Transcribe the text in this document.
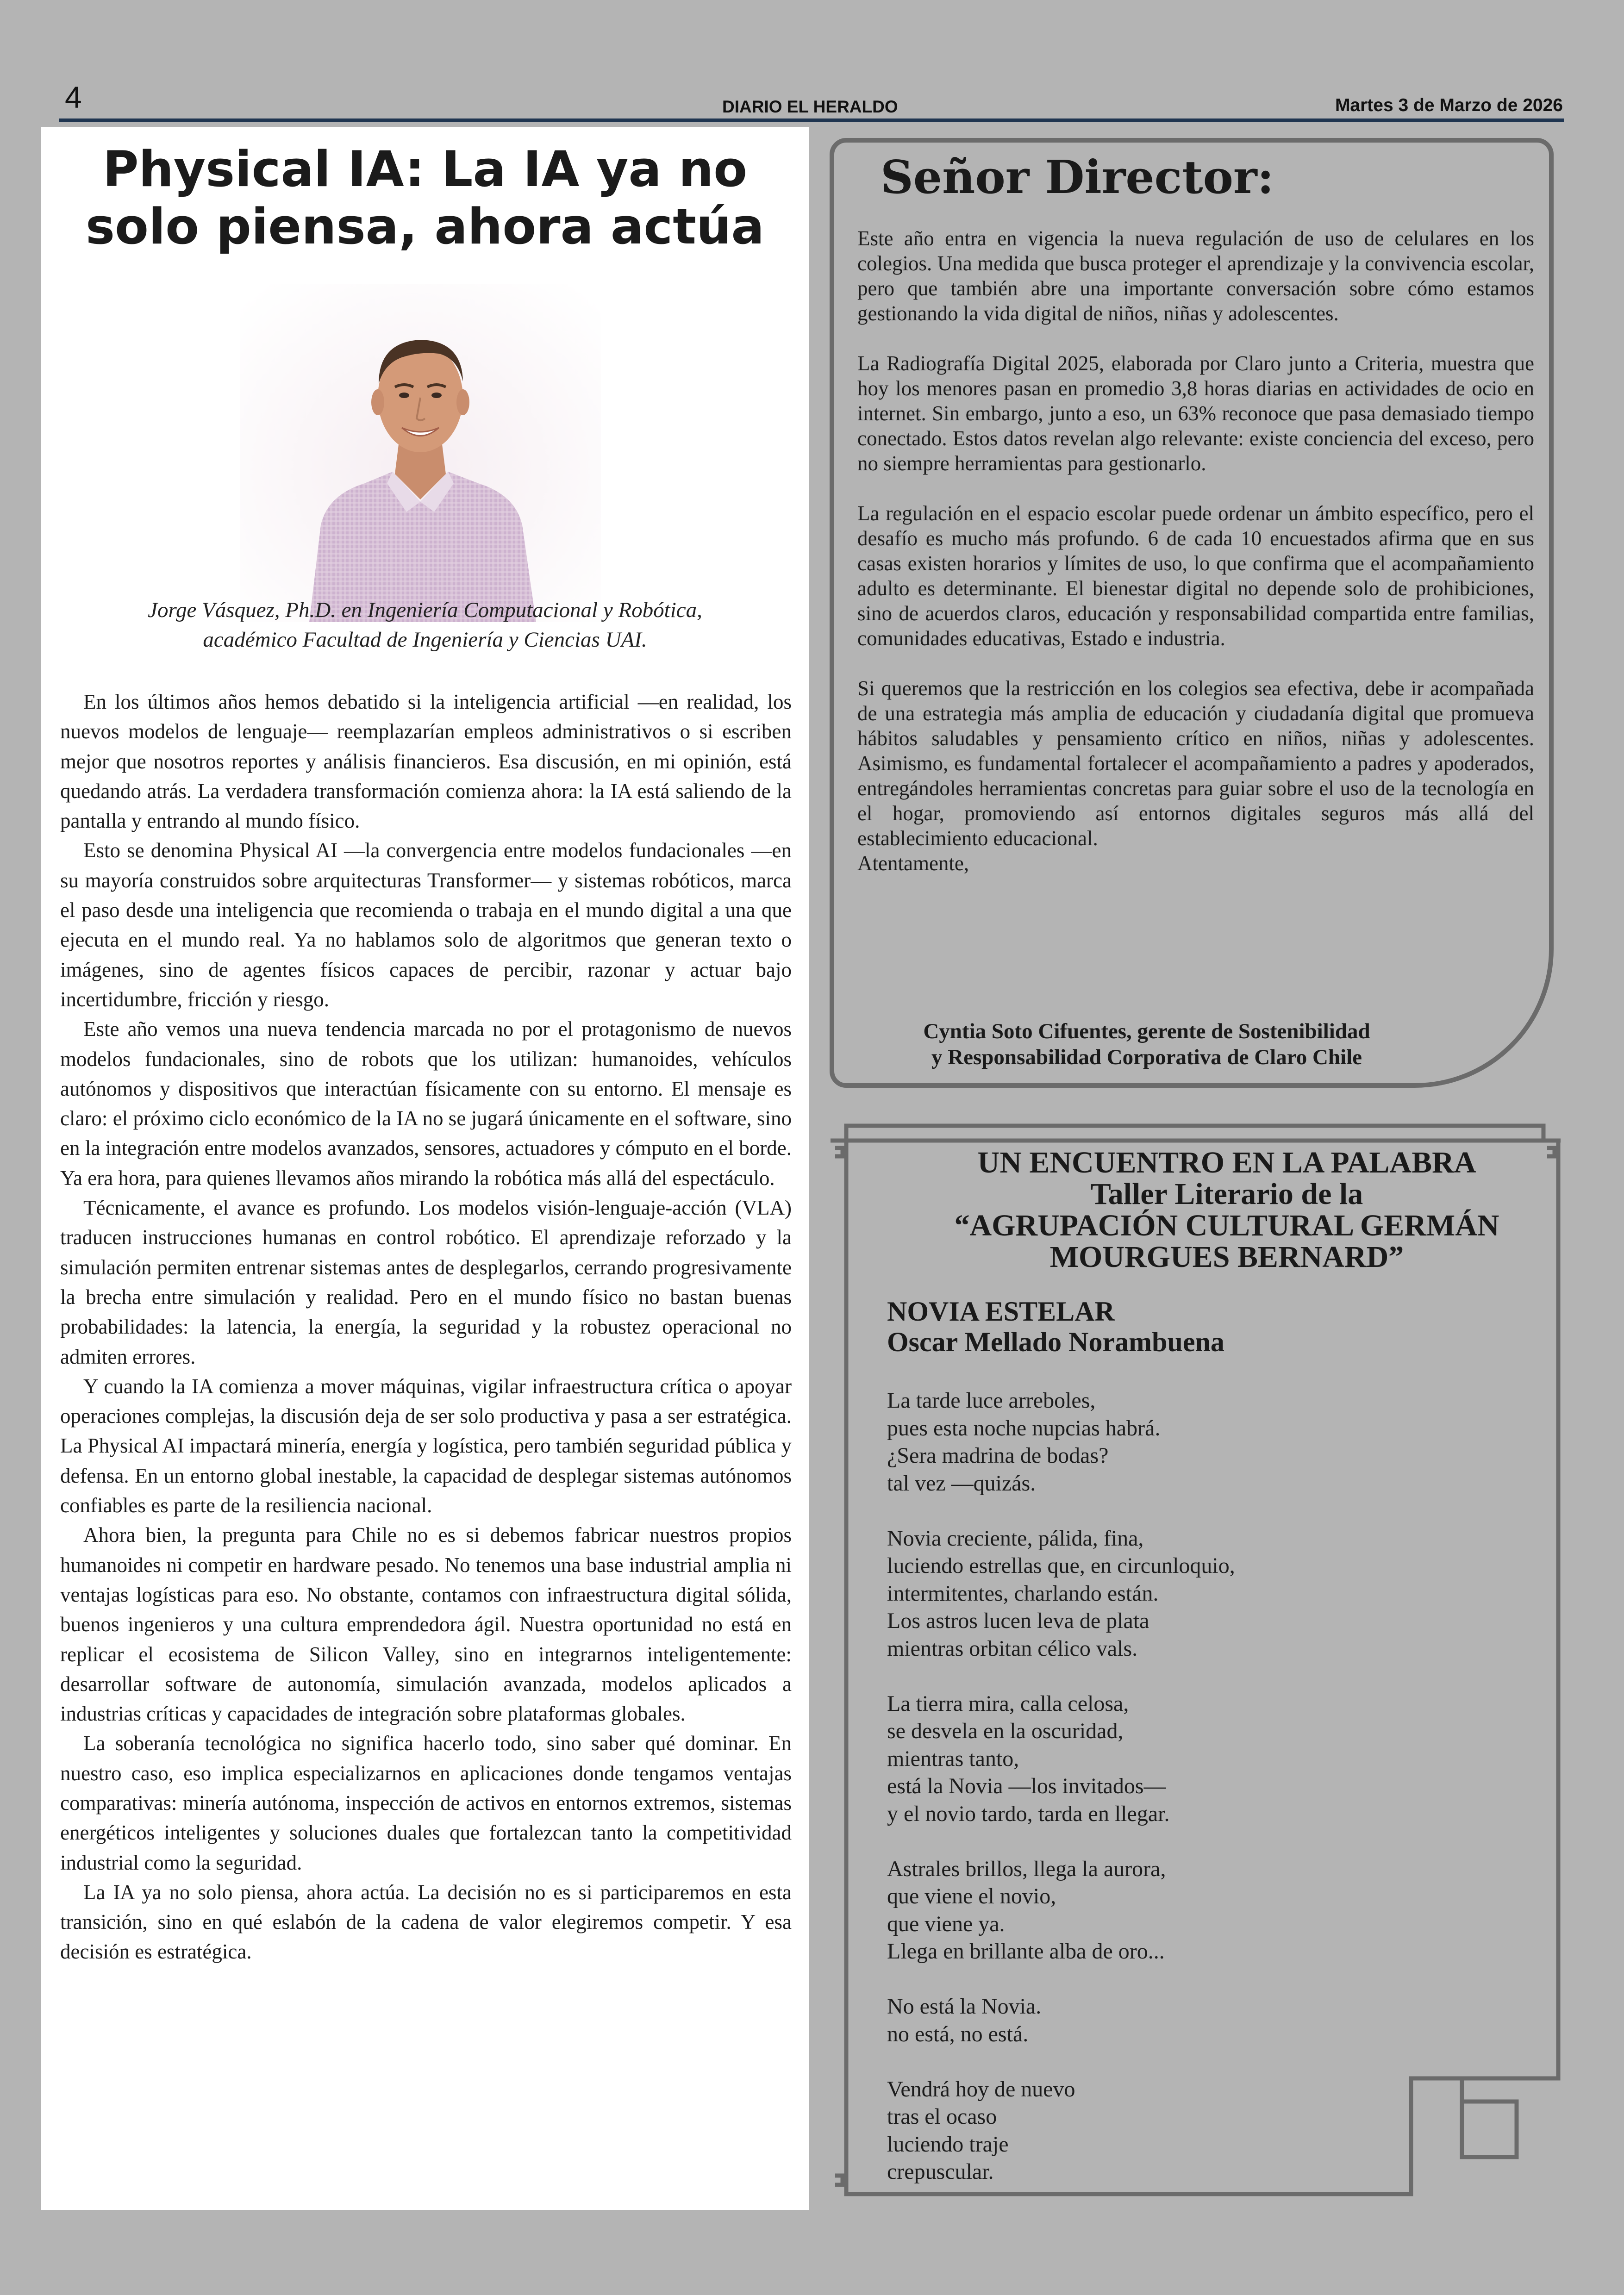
4	DIARIO EL HERALDO	Martes 3 de Marzo de 2026
Physical IA: La IA ya no solo piensa, ahora actúa

Jorge Vásquez, Ph.D. en Ingeniería Computacional y Robótica,
académico Facultad de Ingeniería y Ciencias UAI.

En los últimos años hemos debatido si la inteligencia artificial —en realidad, los nuevos modelos de lenguaje— reemplazarían empleos administrativos o si escriben mejor que nosotros reportes y análisis financieros. Esa discusión, en mi opinión, está quedando atrás. La verdadera transformación comienza ahora: la IA está saliendo de la pantalla y entrando al mundo físico.

Esto se denomina Physical AI —la convergencia entre modelos fundacionales —en su mayoría construidos sobre arquitecturas Transformer— y sistemas robóticos, marca el paso desde una inteligencia que recomienda o trabaja en el mundo digital a una que ejecuta en el mundo real. Ya no hablamos solo de algoritmos que generan texto o imágenes, sino de agentes físicos capaces de percibir, razonar y actuar bajo incertidumbre, fricción y riesgo.

Este año vemos una nueva tendencia marcada no por el protagonismo de nuevos modelos fundacionales, sino de robots que los utilizan: humanoides, vehículos autónomos y dispositivos que interactúan físicamente con su entorno. El mensaje es claro: el próximo ciclo económico de la IA no se jugará únicamente en el software, sino en la integración entre modelos avanzados, sensores, actuadores y cómputo en el borde. Ya era hora, para quienes llevamos años mirando la robótica más allá del espectáculo.

Técnicamente, el avance es profundo. Los modelos visión-lenguaje-acción (VLA) traducen instrucciones humanas en control robótico. El aprendizaje reforzado y la simulación permiten entrenar sistemas antes de desplegarlos, cerrando progresivamente la brecha entre simulación y realidad. Pero en el mundo físico no bastan buenas probabilidades: la latencia, la energía, la seguridad y la robustez operacional no admiten errores.

Y cuando la IA comienza a mover máquinas, vigilar infraestructura crítica o apoyar operaciones complejas, la discusión deja de ser solo productiva y pasa a ser estratégica. La Physical AI impactará minería, energía y logística, pero también seguridad pública y defensa. En un entorno global inestable, la capacidad de desplegar sistemas autónomos confiables es parte de la resiliencia nacional.

Ahora bien, la pregunta para Chile no es si debemos fabricar nuestros propios humanoides ni competir en hardware pesado. No tenemos una base industrial amplia ni ventajas logísticas para eso. No obstante, contamos con infraestructura digital sólida, buenos ingenieros y una cultura emprendedora ágil. Nuestra oportunidad no está en replicar el ecosistema de Silicon Valley, sino en integrarnos inteligentemente: desarrollar software de autonomía, simulación avanzada, modelos aplicados a industrias críticas y capacidades de integración sobre plataformas globales.

La soberanía tecnológica no significa hacerlo todo, sino saber qué dominar. En nuestro caso, eso implica especializarnos en aplicaciones donde tengamos ventajas comparativas: minería autónoma, inspección de activos en entornos extremos, sistemas energéticos inteligentes y soluciones duales que fortalezcan tanto la competitividad industrial como la seguridad.

La IA ya no solo piensa, ahora actúa. La decisión no es si participaremos en esta transición, sino en qué eslabón de la cadena de valor elegiremos competir. Y esa decisión es estratégica.

Señor Director:

Este año entra en vigencia la nueva regulación de uso de celulares en los colegios. Una medida que busca proteger el aprendizaje y la convivencia escolar, pero que también abre una importante conversación sobre cómo estamos gestionando la vida digital de niños, niñas y adolescentes.

La Radiografía Digital 2025, elaborada por Claro junto a Criteria, muestra que hoy los menores pasan en promedio 3,8 horas diarias en actividades de ocio en internet. Sin embargo, junto a eso, un 63% reconoce que pasa demasiado tiempo conectado. Estos datos revelan algo relevante: existe conciencia del exceso, pero no siempre herramientas para gestionarlo.

La regulación en el espacio escolar puede ordenar un ámbito específico, pero el desafío es mucho más profundo. 6 de cada 10 encuestados afirma que en sus casas existen horarios y límites de uso, lo que confirma que el acompañamiento adulto es determinante. El bienestar digital no depende solo de prohibiciones, sino de acuerdos claros, educación y responsabilidad compartida entre familias, comunidades educativas, Estado e industria.

Si queremos que la restricción en los colegios sea efectiva, debe ir acompañada de una estrategia más amplia de educación y ciudadanía digital que promueva hábitos saludables y pensamiento crítico en niños, niñas y adolescentes. Asimismo, es fundamental fortalecer el acompañamiento a padres y apoderados, entregándoles herramientas concretas para guiar sobre el uso de la tecnología en el hogar, promoviendo así entornos digitales seguros más allá del establecimiento educacional.

Atentamente,

Cyntia Soto Cifuentes, gerente de Sostenibilidad
y Responsabilidad Corporativa de Claro Chile

UN ENCUENTRO EN LA PALABRA
Taller Literario de la
“AGRUPACIÓN CULTURAL GERMÁN
MOURGUES BERNARD”
NOVIA ESTELAR
Oscar Mellado Norambuena
La tarde luce arreboles,
pues esta noche nupcias habrá.
¿Sera madrina de bodas?
tal vez —quizás.
Novia creciente, pálida, fina,
luciendo estrellas que, en circunloquio,
intermitentes, charlando están.
Los astros lucen leva de plata
mientras orbitan célico vals.
La tierra mira, calla celosa,
se desvela en la oscuridad,
mientras tanto,
está la Novia —los invitados—
y el novio tardo, tarda en llegar.
Astrales brillos, llega la aurora,
que viene el novio,
que viene ya.
Llega en brillante alba de oro...
No está la Novia.
no está, no está.
Vendrá hoy de nuevo
tras el ocaso
luciendo traje
crepuscular.
